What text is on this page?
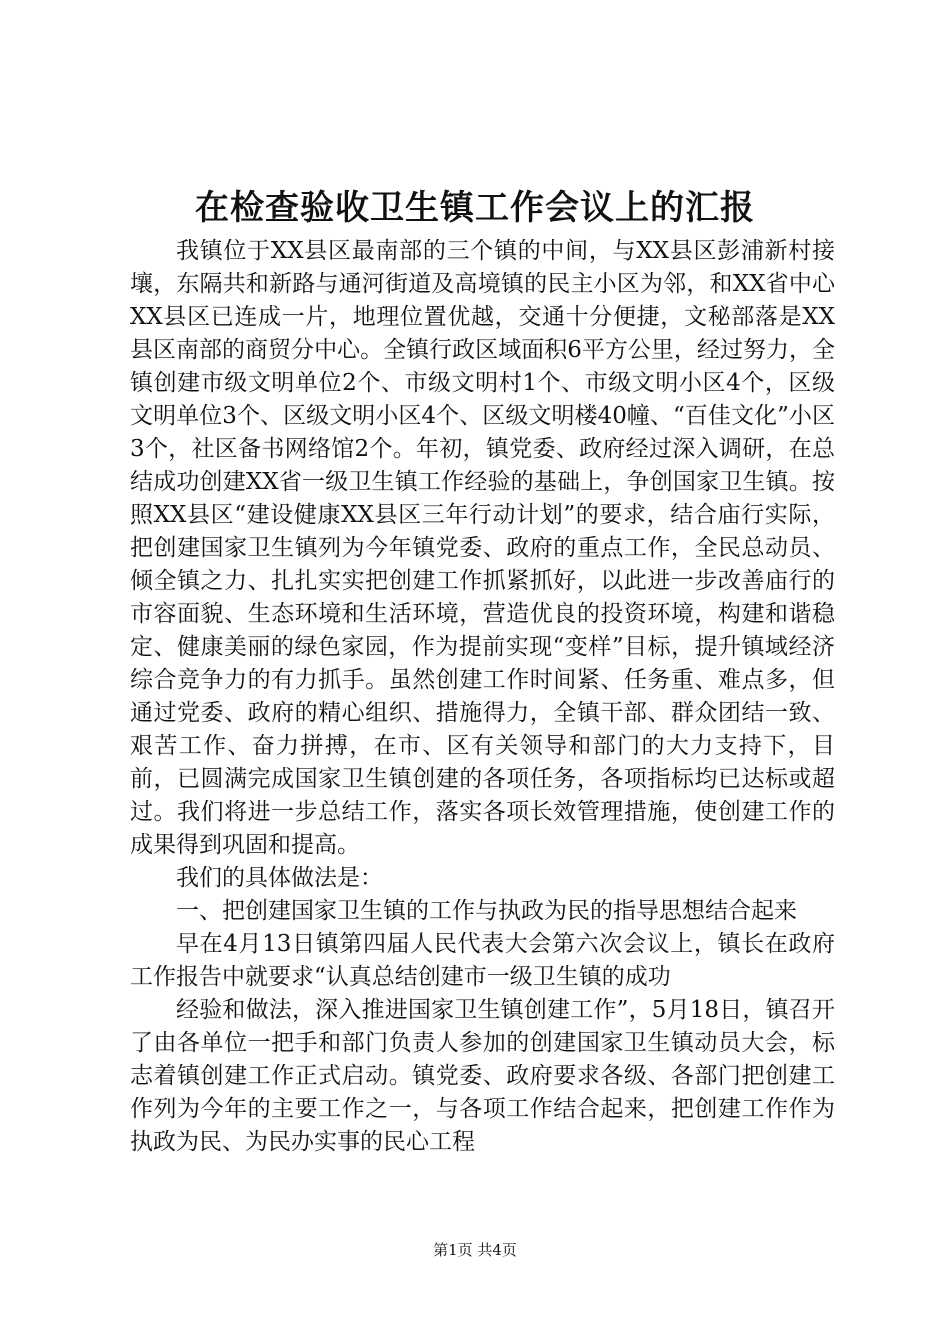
在检查验收卫生镇工作会议上的汇报

我镇位于XX县区最南部的三个镇的中间，与XX县区彭浦新村接壤，东隔共和新路与通河街道及高境镇的民主小区为邻，和XX省中心XX县区已连成一片，地理位置优越，交通十分便捷，文秘部落是XX县区南部的商贸分中心。全镇行政区域面积6平方公里，经过努力，全镇创建市级文明单位2个、市级文明村1个、市级文明小区4个，区级文明单位3个、区级文明小区4个、区级文明楼40幢、“百佳文化”小区3个，社区备书网络馆2个。年初，镇党委、政府经过深入调研，在总结成功创建XX省一级卫生镇工作经验的基础上，争创国家卫生镇。按照XX县区“建设健康XX县区三年行动计划”的要求，结合庙行实际，把创建国家卫生镇列为今年镇党委、政府的重点工作，全民总动员、倾全镇之力、扎扎实实把创建工作抓紧抓好，以此进一步改善庙行的市容面貌、生态环境和生活环境，营造优良的投资环境，构建和谐稳定、健康美丽的绿色家园，作为提前实现“变样”目标，提升镇域经济综合竞争力的有力抓手。虽然创建工作时间紧、任务重、难点多，但通过党委、政府的精心组织、措施得力，全镇干部、群众团结一致、艰苦工作、奋力拼搏，在市、区有关领导和部门的大力支持下，目前，已圆满完成国家卫生镇创建的各项任务，各项指标均已达标或超过。我们将进一步总结工作，落实各项长效管理措施，使创建工作的成果得到巩固和提高。

我们的具体做法是：

一、把创建国家卫生镇的工作与执政为民的指导思想结合起来

早在4月13日镇第四届人民代表大会第六次会议上，镇长在政府工作报告中就要求“认真总结创建市一级卫生镇的成功

经验和做法，深入推进国家卫生镇创建工作”，5月18日，镇召开了由各单位一把手和部门负责人参加的创建国家卫生镇动员大会，标志着镇创建工作正式启动。镇党委、政府要求各级、各部门把创建工作列为今年的主要工作之一，与各项工作结合起来，把创建工作作为执政为民、为民办实事的民心工程

第1页 共4页
